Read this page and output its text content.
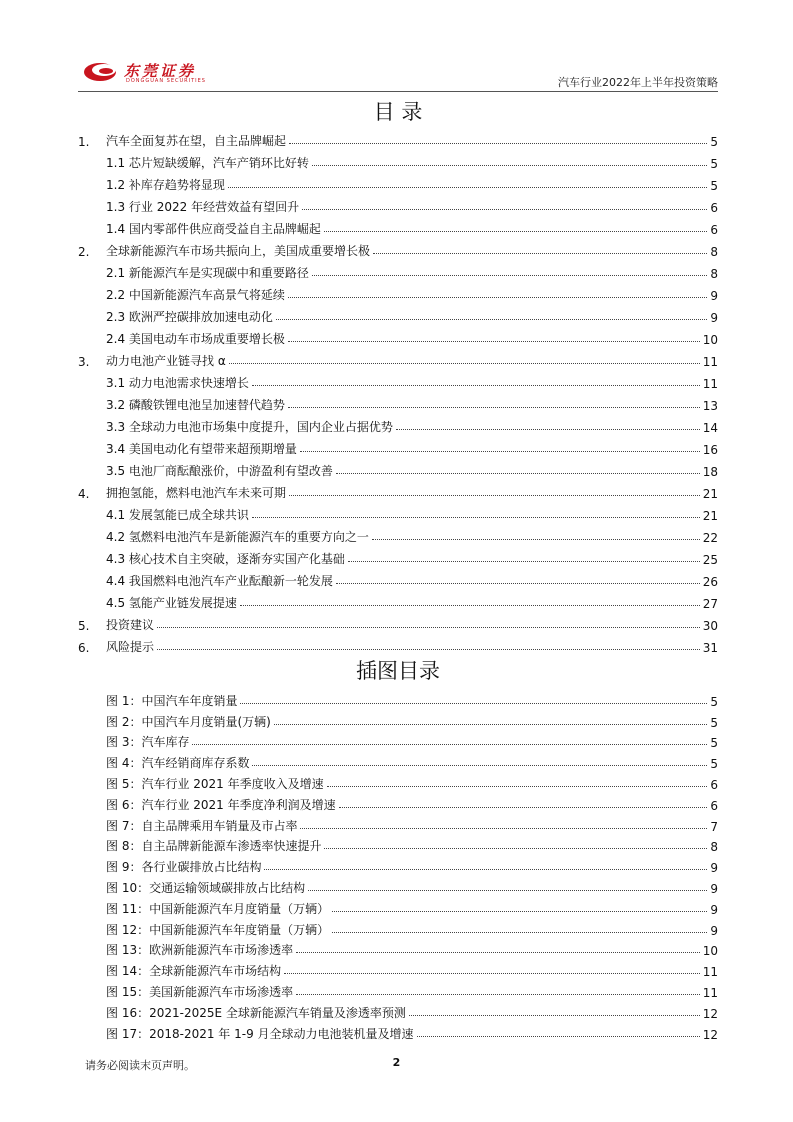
东莞证券
DONGGUAN SECURITIES	汽车行业2022年上半年投资策略
目 录
1.	汽车全面复苏在望，自主品牌崛起	5
1.1 芯片短缺缓解，汽车产销环比好转	5
1.2 补库存趋势将显现	5
1.3 行业 2022 年经营效益有望回升	6
1.4 国内零部件供应商受益自主品牌崛起	6
2.	全球新能源汽车市场共振向上，美国成重要增长极	8
2.1 新能源汽车是实现碳中和重要路径	8
2.2 中国新能源汽车高景气将延续	9
2.3 欧洲严控碳排放加速电动化	9
2.4 美国电动车市场成重要增长极	10
3.	动力电池产业链寻找 α	11
3.1 动力电池需求快速增长	11
3.2 磷酸铁锂电池呈加速替代趋势	13
3.3 全球动力电池市场集中度提升，国内企业占据优势	14
3.4 美国电动化有望带来超预期增量	16
3.5 电池厂商酝酿涨价，中游盈利有望改善	18
4.	拥抱氢能，燃料电池汽车未来可期	21
4.1 发展氢能已成全球共识	21
4.2 氢燃料电池汽车是新能源汽车的重要方向之一	22
4.3 核心技术自主突破，逐渐夯实国产化基础	25
4.4 我国燃料电池汽车产业酝酿新一轮发展	26
4.5 氢能产业链发展提速	27
5.	投资建议	30
6.	风险提示	31
插图目录
图 1：中国汽车年度销量	5
图 2：中国汽车月度销量(万辆)	5
图 3：汽车库存	5
图 4：汽车经销商库存系数	5
图 5：汽车行业 2021 年季度收入及增速	6
图 6：汽车行业 2021 年季度净利润及增速	6
图 7：自主品牌乘用车销量及市占率	7
图 8：自主品牌新能源车渗透率快速提升	8
图 9：各行业碳排放占比结构	9
图 10：交通运输领域碳排放占比结构	9
图 11：中国新能源汽车月度销量（万辆）	9
图 12：中国新能源汽车年度销量（万辆）	9
图 13：欧洲新能源汽车市场渗透率	10
图 14：全球新能源汽车市场结构	11
图 15：美国新能源汽车市场渗透率	11
图 16：2021-2025E 全球新能源汽车销量及渗透率预测	12
图 17：2018-2021 年 1-9 月全球动力电池装机量及增速	12
请务必阅读末页声明。	2
